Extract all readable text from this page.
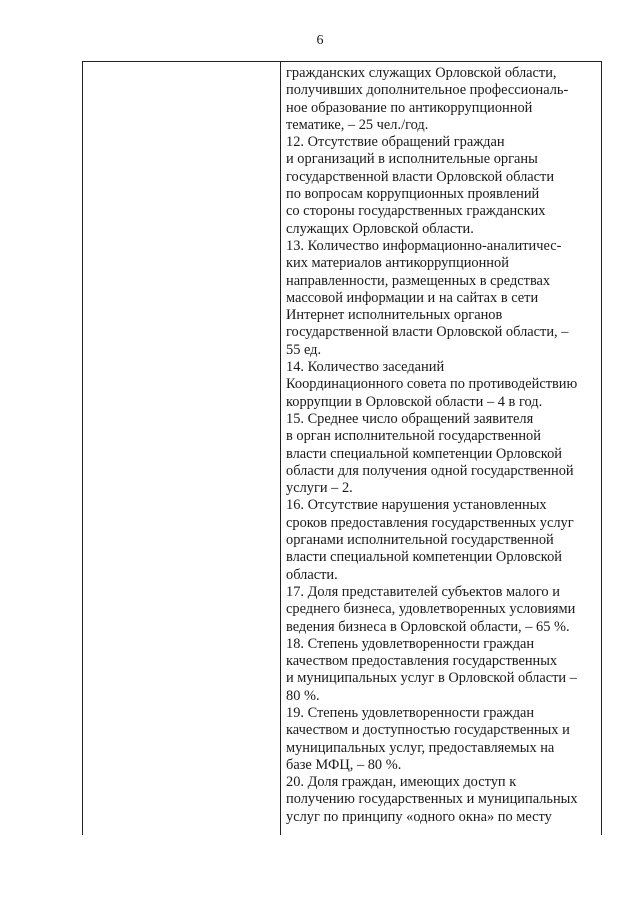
6
гражданских служащих Орловской области,
получивших дополнительное профессиональ-
ное образование по антикоррупционной
тематике, – 25 чел./год.
12. Отсутствие обращений граждан
и организаций в исполнительные органы
государственной власти Орловской области
по вопросам коррупционных проявлений
со стороны государственных гражданских
служащих Орловской области.
13. Количество информационно-аналитичес-
ких материалов антикоррупционной
направленности, размещенных в средствах
массовой информации и на сайтах в сети
Интернет исполнительных органов
государственной власти Орловской области, –
55 ед.
14. Количество заседаний
Координационного совета по противодействию
коррупции в Орловской области – 4 в год.
15. Среднее число обращений заявителя
в орган исполнительной государственной
власти специальной компетенции Орловской
области для получения одной государственной
услуги – 2.
16. Отсутствие нарушения установленных
сроков предоставления государственных услуг
органами исполнительной государственной
власти специальной компетенции Орловской
области.
17. Доля представителей субъектов малого и
среднего бизнеса, удовлетворенных условиями
ведения бизнеса в Орловской области, – 65 %.
18. Степень удовлетворенности граждан
качеством предоставления государственных
и муниципальных услуг в Орловской области –
80 %.
19. Степень удовлетворенности граждан
качеством и доступностью государственных и
муниципальных услуг, предоставляемых на
базе МФЦ, – 80 %.
20. Доля граждан, имеющих доступ к
получению государственных и муниципальных
услуг по принципу «одного окна» по месту
